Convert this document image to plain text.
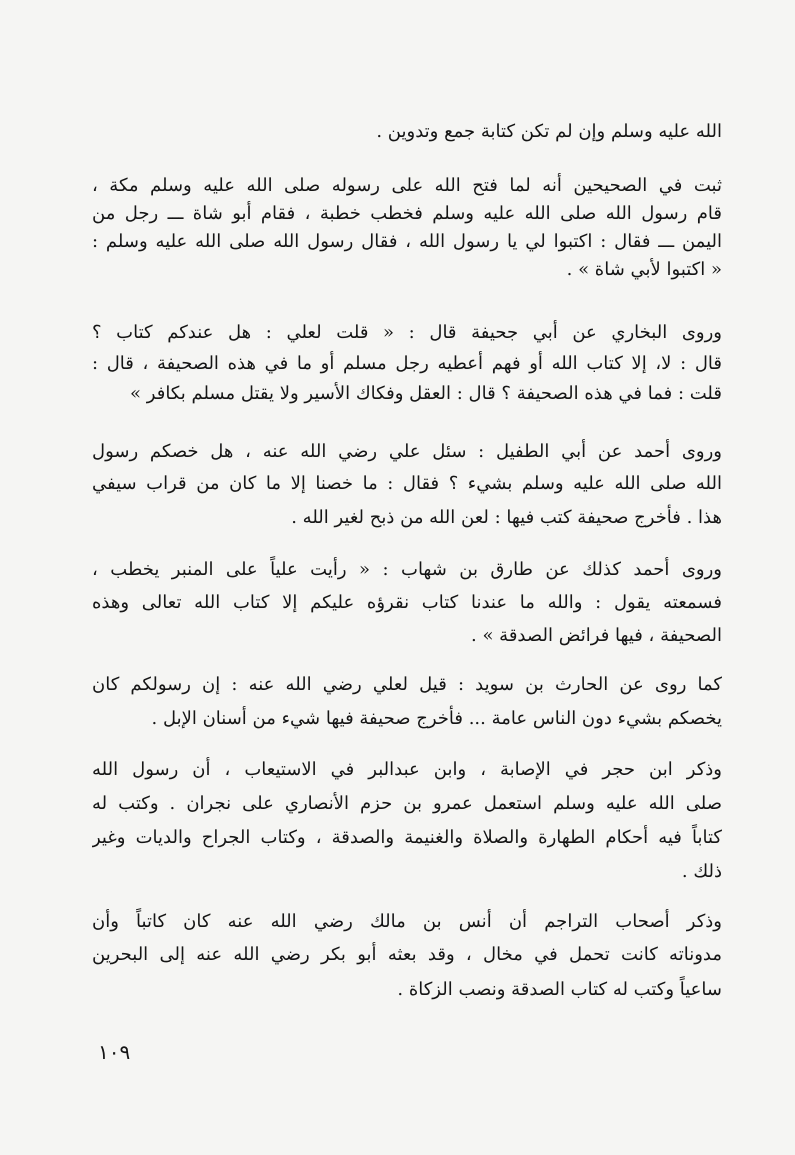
الله عليه وسلم وإن لم تكن كتابة جمع وتدوين .
ثبت في الصحيحين أنه لما فتح الله على رسوله صلى الله عليه وسلم مكة ،
قام رسول الله صلى الله عليه وسلم فخطب خطبة ، فقام أبو شاة ـــ رجل من
اليمن ـــ فقال : اكتبوا لي يا رسول الله ، فقال رسول الله صلى الله عليه وسلم :
« اكتبوا لأبي شاة » .
وروى البخاري عن أبي جحيفة قال : « قلت لعلي : هل عندكم كتاب ؟
قال : لا، إلا كتاب الله أو فهم أعطيه رجل مسلم أو ما في هذه الصحيفة ، قال :
قلت : فما في هذه الصحيفة ؟ قال : العقل وفكاك الأسير ولا يقتل مسلم بكافر »
وروى أحمد عن أبي الطفيل : سئل علي رضي الله عنه ، هل خصكم رسول
الله صلى الله عليه وسلم بشيء ؟ فقال : ما خصنا إلا ما كان من قراب سيفي
هذا . فأخرج صحيفة كتب فيها : لعن الله من ذبح لغير الله .
وروى أحمد كذلك عن طارق بن شهاب : « رأيت علياً على المنبر يخطب ،
فسمعته يقول : والله ما عندنا كتاب نقرؤه عليكم إلا كتاب الله تعالى وهذه
الصحيفة ، فيها فرائض الصدقة » .
كما روى عن الحارث بن سويد : قيل لعلي رضي الله عنه : إن رسولكم كان
يخصكم بشيء دون الناس عامة ... فأخرج صحيفة فيها شيء من أسنان الإبل .
وذكر ابن حجر في الإصابة ، وابن عبدالبر في الاستيعاب ، أن رسول الله
صلى الله عليه وسلم استعمل عمرو بن حزم الأنصاري على نجران . وكتب له
كتاباً فيه أحكام الطهارة والصلاة والغنيمة والصدقة ، وكتاب الجراح والديات وغير
ذلك .
وذكر أصحاب التراجم أن أنس بن مالك رضي الله عنه كان كاتباً وأن
مدوناته كانت تحمل في مخال ، وقد بعثه أبو بكر رضي الله عنه إلى البحرين
ساعياً وكتب له كتاب الصدقة ونصب الزكاة .
١٠٩
